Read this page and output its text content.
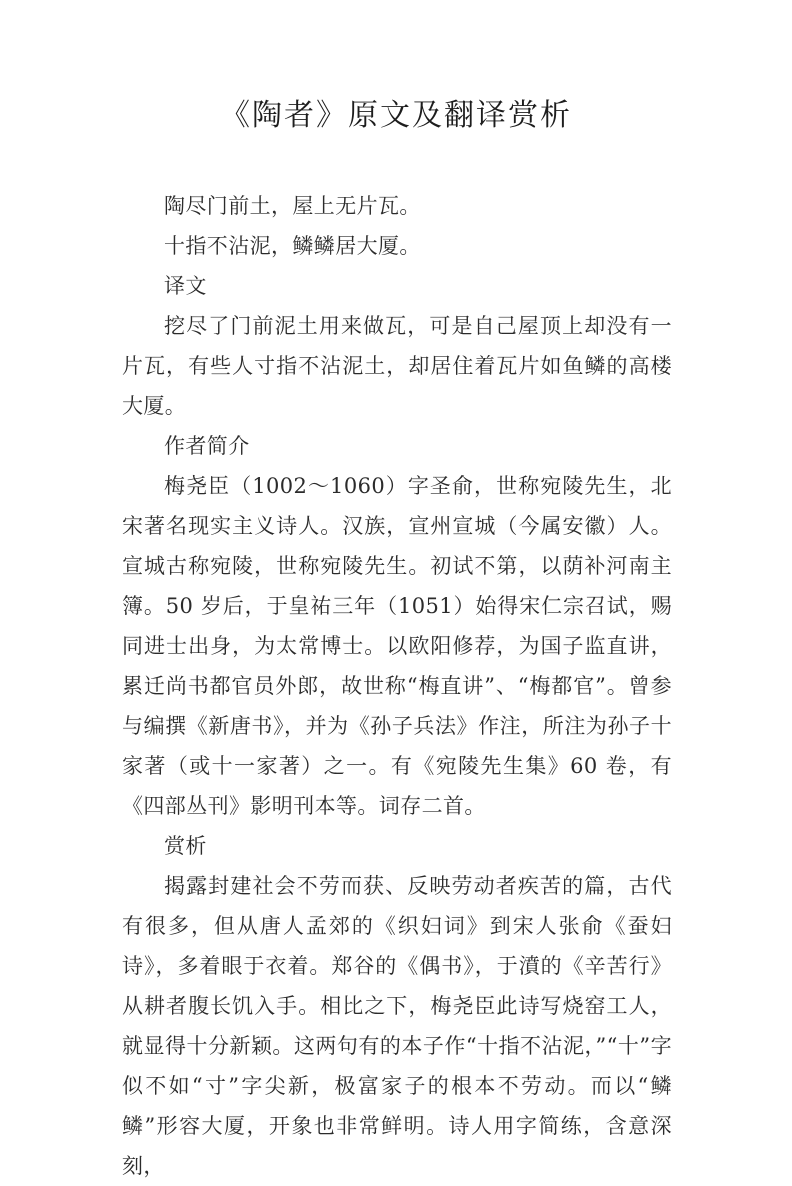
《陶者》原文及翻译赏析

陶尽门前土，屋上无片瓦。

十指不沾泥，鳞鳞居大厦。

译文

挖尽了门前泥土用来做瓦，可是自己屋顶上却没有一片瓦，有些人寸指不沾泥土，却居住着瓦片如鱼鳞的高楼大厦。

作者简介

梅尧臣（1002～1060）字圣俞，世称宛陵先生，北宋著名现实主义诗人。汉族，宣州宣城（今属安徽）人。宣城古称宛陵，世称宛陵先生。初试不第，以荫补河南主簿。50 岁后，于皇祐三年（1051）始得宋仁宗召试，赐同进士出身，为太常博士。以欧阳修荐，为国子监直讲，累迁尚书都官员外郎，故世称“梅直讲”、“梅都官”。曾参与编撰《新唐书》，并为《孙子兵法》作注，所注为孙子十家著（或十一家著）之一。有《宛陵先生集》60 卷，有《四部丛刊》影明刊本等。词存二首。

赏析

揭露封建社会不劳而获、反映劳动者疾苦的篇，古代有很多，但从唐人孟郊的《织妇词》到宋人张俞《蚕妇诗》，多着眼于衣着。郑谷的《偶书》，于濆的《辛苦行》从耕者腹长饥入手。相比之下，梅尧臣此诗写烧窑工人，就显得十分新颖。这两句有的本子作“十指不沾泥，”“十”字似不如“寸”字尖新，极富家子的根本不劳动。而以“鳞鳞”形容大厦，开象也非常鲜明。诗人用字简练，含意深刻，
